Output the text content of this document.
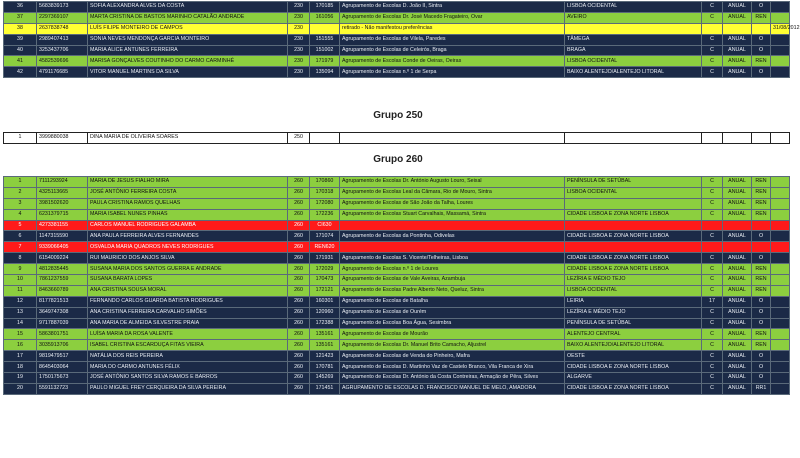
36	5683839173	SOFIA ALEXANDRA ALVES DA COSTA	230	170185	Agrupamento de Escolas D. João II, Sintra	LISBOA OCIDENTAL	C	ANUAL	O	
37	2297369107	MARTA CRISTINA DE BASTOS MARINHO CATALÃO ANDRADE	230	161056	Agrupamento de Escolas Dr. José Macedo Fragateiro, Ovar	AVEIRO	C	ANUAL	REN	
38	2637838748	LUÍS FILIPE MONTEIRO DE CAMPOS	230		retirado - Não manifestou preferências					31/08/2012
39	2989407413	SONIA NEVES MENDONÇA GARCIA MONTEIRO	230	151555	Agrupamento de Escolas de Vilela, Paredes	TÂMEGA	C	ANUAL	O	
40	3253437706	MARIA ALICE ANTUNES FERREIRA	230	151002	Agrupamento de Escolas de Celeirós, Braga	BRAGA	C	ANUAL	O	
41	4582539696	MARISA GONÇALVES COUTINHO DO CARMO CARMINHÉ	230	171979	Agrupamento de Escolas Conde de Oeiras, Oeiras	LISBOA OCIDENTAL	C	ANUAL	REN	
42	4791176685	VITOR MANUEL MARTINS DA SILVA	230	135094	Agrupamento de Escolas n.º 1 de Serpa	BAIXO ALENTEJO/ALENTEJO LITORAL	C	ANUAL	O	
Grupo 250
1	3999880038	DINA MARIA DE OLIVEIRA SOARES	250							
Grupo 260
1	7111293924	MARIA DE JESUS FIALHO MIRA	260	170860	Agrupamento de Escolas Dr. António Augusto Louro, Seixal	PENÍNSULA DE SETÚBAL	C	ANUAL	REN	
2	4325113665	JOSÉ ANTÓNIO FERREIRA COSTA	260	170318	Agrupamento de Escolas Leal da Câmara, Rio de Mouro, Sintra	LISBOA OCIDENTAL	C	ANUAL	REN	
3	3981502620	PAULA CRISTINA RAMOS QUELHAS	260	172080	Agrupamento de Escolas de São João da Talha, Loures		C	ANUAL	REN	
4	6231379715	MARIA ISABEL NUNES PINHAS	260	172236	Agrupamento de Escolas Stuart Carvalhais, Massamá, Sintra	CIDADE LISBOA E ZONA NORTE LISBOA	C	ANUAL	REN	
5	4273381155	CARLOS MANUEL RODRIGUES GALAMBA	260	CI630						
6	1147315590	ANA PAULA FERREIRA ALVES FERNANDES	260	171074	Agrupamento de Escolas da Pontinha, Odivelas	CIDADE LISBOA E ZONA NORTE LISBOA	C	ANUAL	O	
7	9339066405	OSVALDA MARIA QUADROS NEVES RODRIGUES	260	REN620						
8	6154009224	RUI MAURICIO DOS ANJOS SILVA	260	171931	Agrupamento de Escolas S. Vicente/Telheiras, Lisboa	CIDADE LISBOA E ZONA NORTE LISBOA	C	ANUAL	O	
9	4812835445	SUSANA MARIA DOS SANTOS GUERRA E ANDRADE	260	172029	Agrupamento de Escolas n.º 1 de Loures	CIDADE LISBOA E ZONA NORTE LISBOA	C	ANUAL	REN	
10	7861237559	SUSANA BARATA LOPES	260	170473	Agrupamento de Escolas de Vale Aveiras, Azambuja	LEZÍRIA E MÉDIO TEJO	C	ANUAL	REN	
11	8463660789	ANA CRISTINA SOUSA MORAL	260	172121	Agrupamento de Escolas Padre Alberto Neto, Queluz, Sintra	LISBOA OCIDENTAL	C	ANUAL	REN	
12	8177821513	FERNANDO CARLOS GUARDA BATISTA RODRIGUES	260	160301	Agrupamento de Escolas de Batalha	LEIRIA	17	ANUAL	O	
13	3649747308	ANA CRISTINA FERREIRA CARVALHO SIMÕES	260	120960	Agrupamento de Escolas de Ourém	LEZÍRIA E MÉDIO TEJO	C	ANUAL	O	
14	9717887039	ANA MARIA DE ALMEIDA SILVESTRE PRAIA	260	172388	Agrupamento de Escolas Boa Água, Sesimbra	PENÍNSULA DE SETÚBAL	C	ANUAL	O	
15	5863801751	LUÍSA MARIA DA ROSA VALENTE	260	135161	Agrupamento de Escolas de Mourão	ALENTEJO CENTRAL	C	ANUAL	REN	
16	3035913706	ISABEL CRISTINA ESCARDUÇA FITAS VIEIRA	260	135161	Agrupamento de Escolas Dr. Manuel Brito Camacho, Aljustrel	BAIXO ALENTEJO/ALENTEJO LITORAL	C	ANUAL	REN	
17	9819479517	NATÁLIA DOS REIS PEREIRA	260	121423	Agrupamento de Escolas de Venda do Pinheiro, Mafra	OESTE	C	ANUAL	O	
18	8645403064	MARIA DO CARMO ANTUNES FÉLIX	260	170781	Agrupamento de Escolas D. Martinho Vaz de Castelo Branco, Vila Franca de Xira	CIDADE LISBOA E ZONA NORTE LISBOA	C	ANUAL	O	
19	1750175673	JOSÉ ANTÓNIO SANTOS SILVA RAMOS E BARROS	260	145269	Agrupamento de Escolas Dr. António da Costa Contreiras, Armação de Pêra, Silves	ALGARVE	C	ANUAL	O	
20	5591132723	PAULO MIGUEL FREY CERQUEIRA DA SILVA PEREIRA	260	171451	AGRUPAMENTO DE ESCOLAS D. FRANCISCO MANUEL DE MELO, AMADORA	CIDADE LISBOA E ZONA NORTE LISBOA	C	ANUAL	RR1	
